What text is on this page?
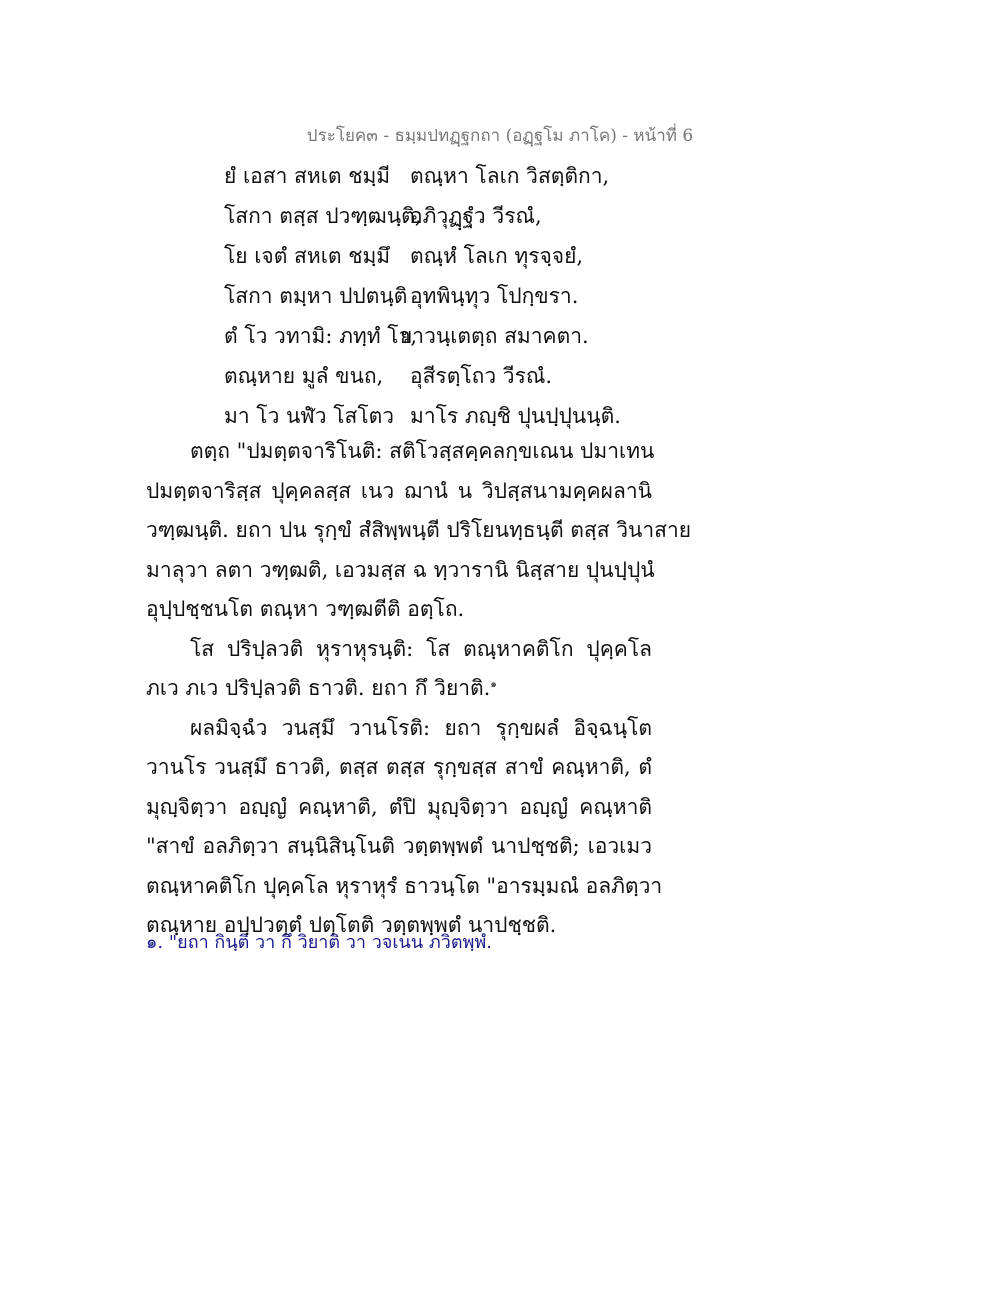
ประโยค๓ - ธมฺมปทฏฺฐกถา (อฏฺฐโม ภาโค) - หน้าที่ 6
ยํ เอสา สหเต ชมฺมี ตณฺหา โลเก วิสตฺติกา,
โสกา ตสฺส ปวฑฺฒนฺติ,
อภิวุฏฺฐํว วีรณํ,
โย เจตํ สหเต ชมฺมึ ตณฺหํ โลเก ทุรจฺจยํ,
โสกา ตมฺหา ปปตนฺติ อุทพินฺทุว โปกฺขรา.
ตํ โว วทามิ: ภทฺทํ โว,
ยาวนฺเตตฺถ สมาคตา.
ตณฺหาย มูลํ ขนถ,	อุสีรตฺโถว วีรณํ.
มา โว นฬํว โสโตว มาโร ภญฺชิ ปุนปฺปุนนฺติ.
ตตฺถ "ปมตฺตจาริโนติ: สติโวสฺสคฺคลกฺขเณน ปมาเทน
ปมตฺตจาริสฺส ปุคฺคลสฺส เนว ฌานํ น วิปสฺสนามคฺคผลานิ
วฑฺฒนฺติ. ยถา ปน รุกฺขํ สํสิพฺพนฺตี ปริโยนทฺธนฺตี ตสฺส วินาสาย
มาลุวา ลตา วฑฺฒติ, เอวมสฺส ฉ ทฺวารานิ นิสฺสาย ปุนปฺปุนํ
อุปฺปชฺชนโต ตณฺหา วฑฺฒตีติ อตฺโถ.
โส ปริปฺลวติ หุราหุรนฺติ: โส ตณฺหาคติโก ปุคฺคโล
ภเว ภเว ปริปฺลวติ ธาวติ. ยถา กึ วิยาติ.$^๑$
ผลมิจฺฉํว วนสฺมึ วานโรติ: ยถา รุกฺขผลํ อิจฺฉนฺโต
วานโร วนสฺมึ ธาวติ, ตสฺส ตสฺส รุกฺขสฺส สาขํ คณฺหาติ, ตํ
มุญฺจิตฺวา อญฺญํ คณฺหาติ, ตํปิ มุญฺจิตฺวา อญฺญํ คณฺหาติ
"สาขํ อลภิตฺวา สนฺนิสินฺโนติ วตฺตพฺพตํ นาปชฺชติ; เอวเมว
ตณฺหาคติโก ปุคฺคโล หุราหุรํ ธาวนฺโต "อารมฺมณํ อลภิตฺวา
ตณฺหาย อปฺปวตฺตํ ปตฺโตติ วตฺตพฺพตํ นาปชฺชติ.
๑. "ยถา กินฺติ วา กึ วิยาติ วา วจเนน ภวิตพฺพํ.
